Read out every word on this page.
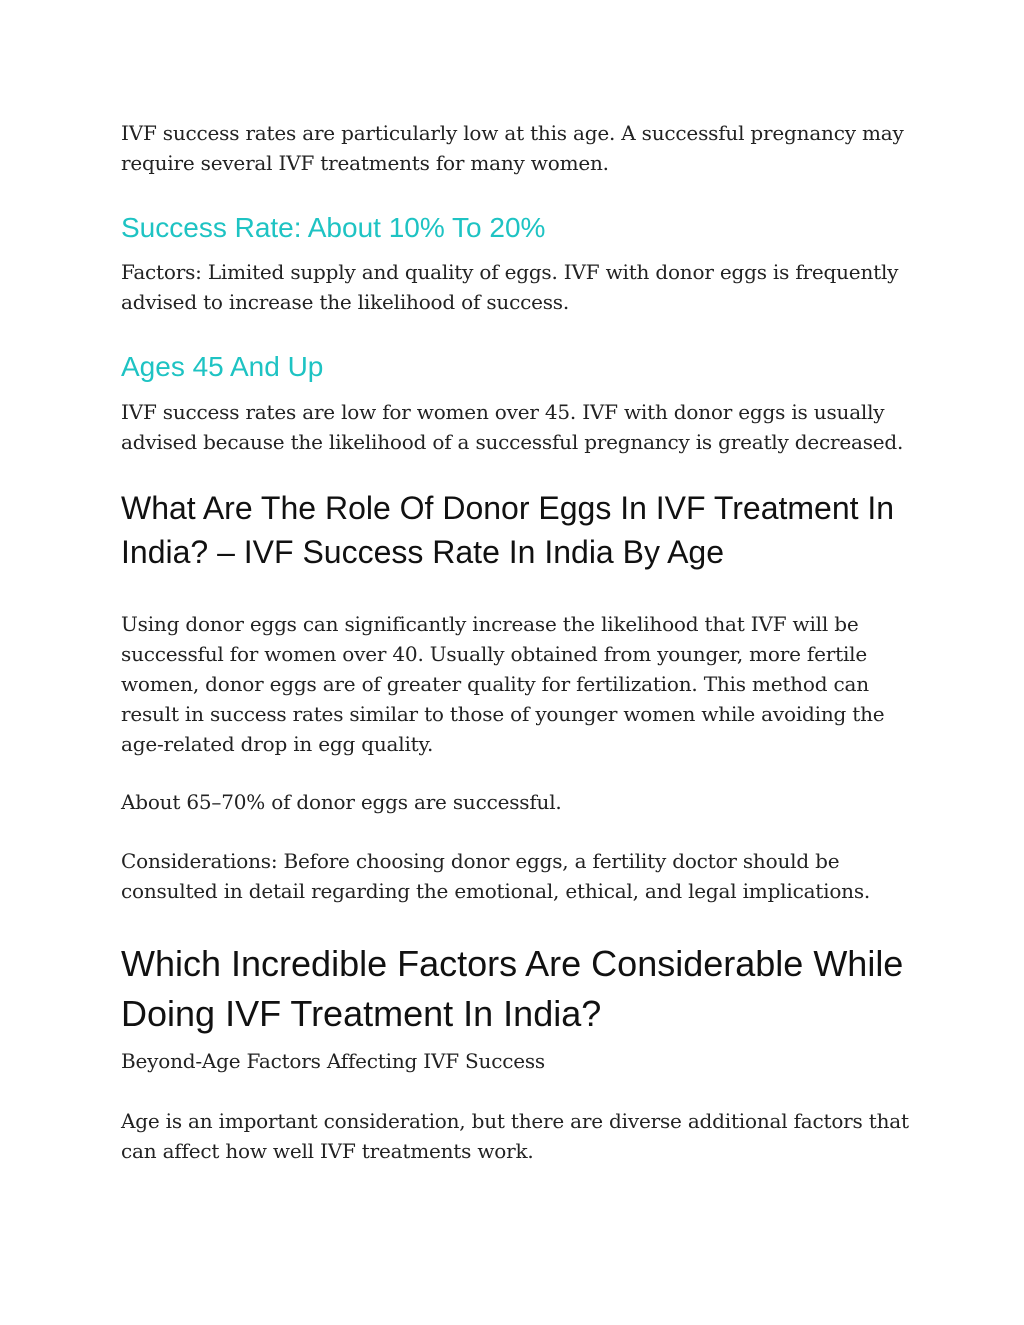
IVF success rates are particularly low at this age. A successful pregnancy may require several IVF treatments for many women.

Success Rate: About 10% To 20%

Factors: Limited supply and quality of eggs. IVF with donor eggs is frequently advised to increase the likelihood of success.

Ages 45 And Up

IVF success rates are low for women over 45. IVF with donor eggs is usually advised because the likelihood of a successful pregnancy is greatly decreased.

What Are The Role Of Donor Eggs In IVF Treatment In India? – IVF Success Rate In India By Age

Using donor eggs can significantly increase the likelihood that IVF will be successful for women over 40. Usually obtained from younger, more fertile women, donor eggs are of greater quality for fertilization. This method can result in success rates similar to those of younger women while avoiding the age-related drop in egg quality.

About 65–70% of donor eggs are successful.

Considerations: Before choosing donor eggs, a fertility doctor should be consulted in detail regarding the emotional, ethical, and legal implications.

Which Incredible Factors Are Considerable While Doing IVF Treatment In India?

Beyond-Age Factors Affecting IVF Success

Age is an important consideration, but there are diverse additional factors that can affect how well IVF treatments work.
